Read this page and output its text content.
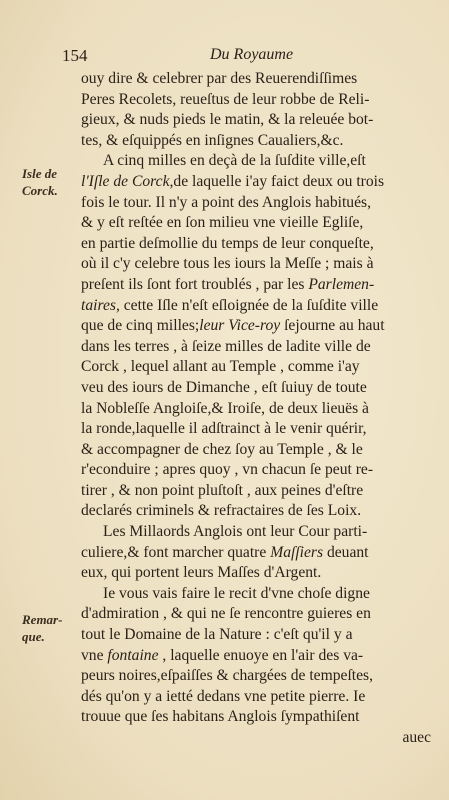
154	Du Royaume
Isle de
Corck.
Remar-
que.
ouy dire & celebrer par des Reuerendiſſimes
Peres Recolets, reueſtus de leur robbe de Reli-
gieux, & nuds pieds le matin, & la releuée bot-
tes, & eſquippés en inſignes Caualiers,&c.
A cinq milles en deçà de la ſuſdite ville,eſt
l'Iſle de Corck,de laquelle i'ay faict deux ou trois
fois le tour. Il n'y a point des Anglois habitués,
& y eſt reſtée en ſon milieu vne vieille Egliſe,
en partie deſmollie du temps de leur conqueſte,
où il c'y celebre tous les iours la Meſſe ; mais à
preſent ils ſont fort troublés , par les Parlemen-
taires, cette Iſle n'eſt eſloignée de la ſuſdite ville
que de cinq milles;leur Vice-roy ſejourne au haut
dans les terres , à ſeize milles de ladite ville de
Corck , lequel allant au Temple , comme i'ay
veu des iours de Dimanche , eſt ſuiuy de toute
la Nobleſſe Angloiſe,& Iroiſe, de deux lieuës à
la ronde,laquelle il adſtrainct à le venir quérir,
& accompagner de chez ſoy au Temple , & le
r'econduire ; apres quoy , vn chacun ſe peut re-
tirer , & non point pluſtoſt , aux peines d'eſtre
declarés criminels & refractaires de ſes Loix.
Les Millaords Anglois ont leur Cour parti-
culiere,& font marcher quatre Maſſiers deuant
eux, qui portent leurs Maſſes d'Argent.
Ie vous vais faire le recit d'vne choſe digne
d'admiration , & qui ne ſe rencontre guieres en
tout le Domaine de la Nature : c'eſt qu'il y a
vne fontaine , laquelle enuoye en l'air des va-
peurs noires,eſpaiſſes & chargées de tempeſtes,
dés qu'on y a ietté dedans vne petite pierre. Ie
trouue que ſes habitans Anglois ſympathiſent
auec
